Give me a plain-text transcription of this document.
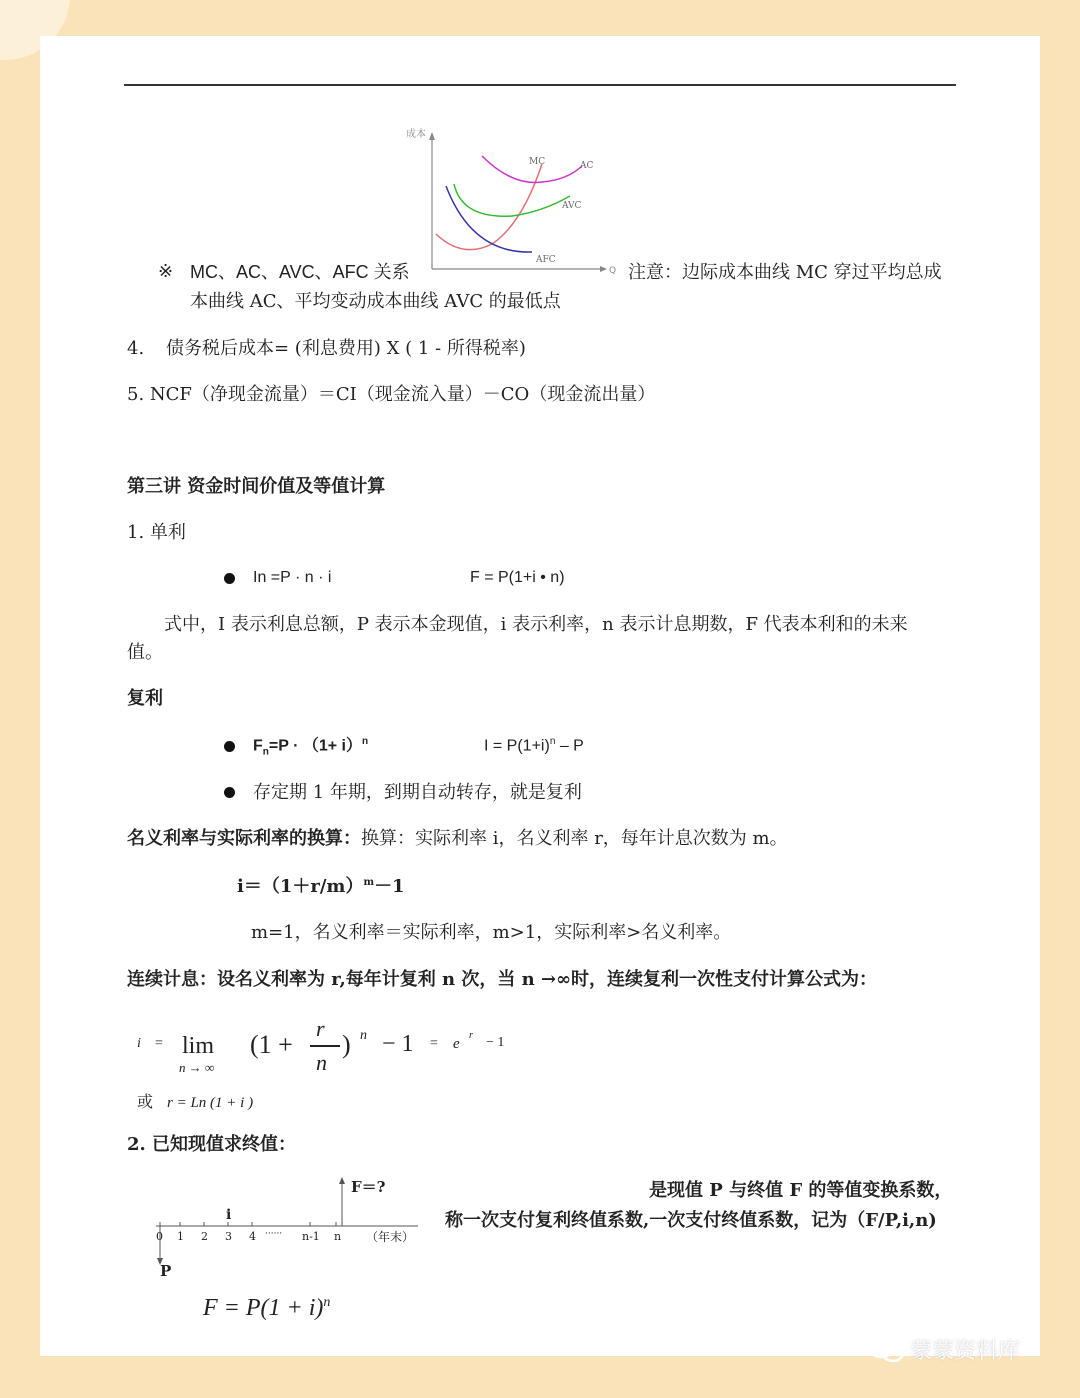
成本
Q
MC	AC
AVC
AFC
※ MC、AC、AVC、AFC 关系	注意：边际成本曲线 MC 穿过平均总成
本曲线 AC、平均变动成本曲线 AVC 的最低点
4. 债务税后成本= (利息费用) X ( 1 - 所得税率)
5. NCF（净现金流量）＝CI（现金流入量）－CO（现金流出量）
第三讲 资金时间价值及等值计算
1. 单利
In =P · n · i	F = P(1+i • n)
式中，I 表示利息总额，P 表示本金现值，i 表示利率，n 表示计息期数，F 代表本利和的未来
值。
复利
$F_n=P \cdot (1+ i)^n$	$I = P(1+i)^n - P$
存定期 1 年期，到期自动转存，就是复利
名义利率与实际利率的换算：换算：实际利率 i，名义利率 r，每年计息次数为 m。
$i=(1+r/m)^m-1$
m=1，名义利率＝实际利率，m>1，实际利率>名义利率。
连续计息：设名义利率为 r,每年计复利 n 次，当 n →∞时，连续复利一次性支付计算公式为：
i = lim
n → ∞
(1 +
r
n
) n − 1 = e
r − 1
或 r = Ln (1 + i )
2. 已知现值求终值：
F＝?
i
0 1 2 3 4 ······ n-1 n （年末）
P
是现值 P 与终值 F 的等值变换系数，
称一次支付复利终值系数,一次支付终值系数，记为（F/P,i,n)
$F = P(1 + i)^n$
蒙蒙资料库
